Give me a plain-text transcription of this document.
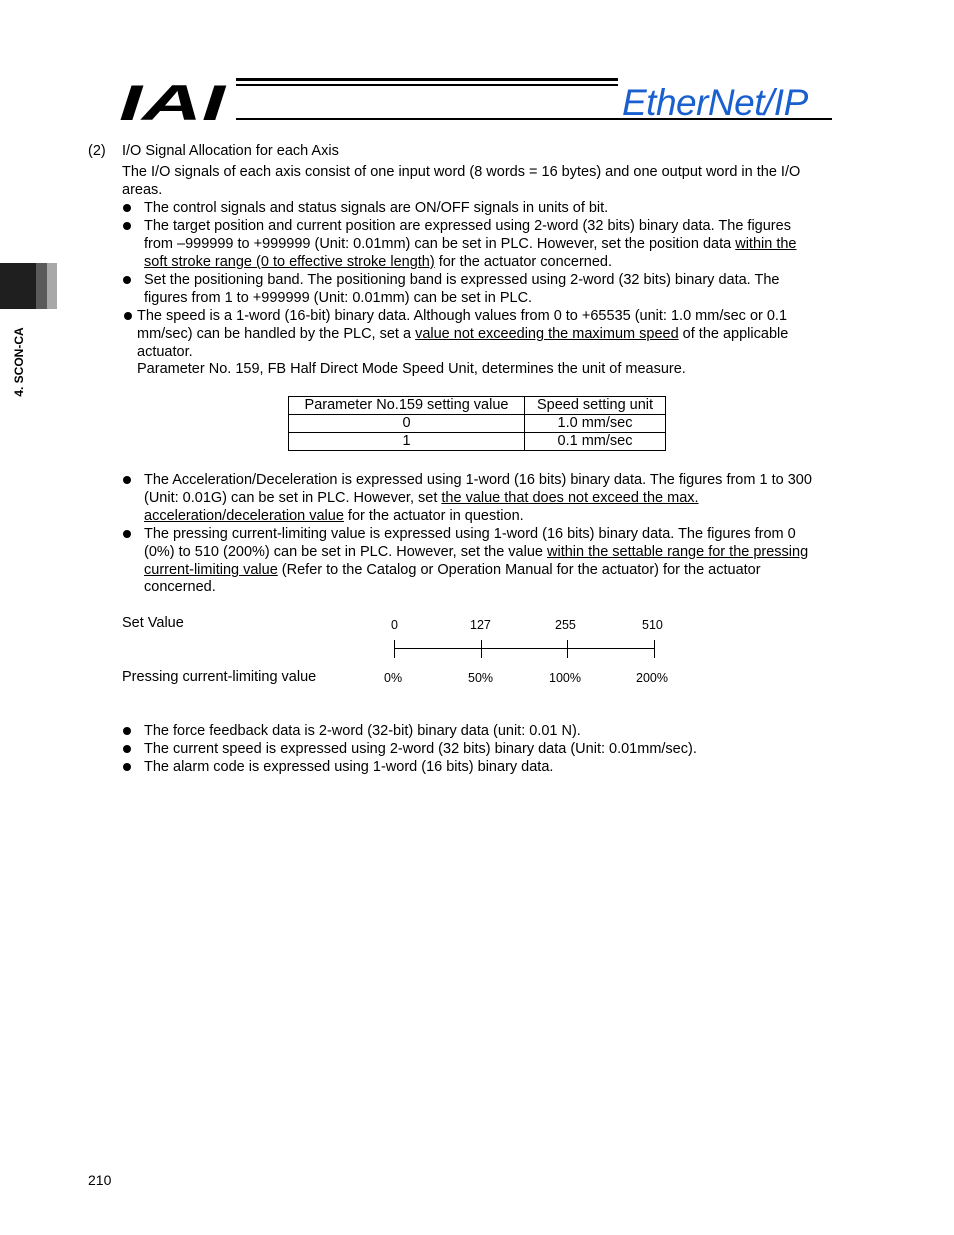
IAI	EtherNet/IP
4. SCON-CA
(2) I/O Signal Allocation for each Axis
The I/O signals of each axis consist of one input word (8 words = 16 bytes) and one output word in the I/O
areas.
The control signals and status signals are ON/OFF signals in units of bit.
The target position and current position are expressed using 2-word (32 bits) binary data. The figures
from –999999 to +999999 (Unit: 0.01mm) can be set in PLC. However, set the position data within the
soft stroke range (0 to effective stroke length) for the actuator concerned.
Set the positioning band. The positioning band is expressed using 2-word (32 bits) binary data. The
figures from 1 to +999999 (Unit: 0.01mm) can be set in PLC.
The speed is a 1-word (16-bit) binary data. Although values from 0 to +65535 (unit: 1.0 mm/sec or 0.1
mm/sec) can be handled by the PLC, set a value not exceeding the maximum speed of the applicable
actuator.
Parameter No. 159, FB Half Direct Mode Speed Unit, determines the unit of measure.
Parameter No.159 setting value	Speed setting unit
0	1.0 mm/sec
1	0.1 mm/sec
The Acceleration/Deceleration is expressed using 1-word (16 bits) binary data. The figures from 1 to 300
(Unit: 0.01G) can be set in PLC. However, set the value that does not exceed the max.
acceleration/deceleration value for the actuator in question.
The pressing current-limiting value is expressed using 1-word (16 bits) binary data. The figures from 0
(0%) to 510 (200%) can be set in PLC. However, set the value within the settable range for the pressing
current-limiting value (Refer to the Catalog or Operation Manual for the actuator) for the actuator
concerned.
Set Value
Pressing current-limiting value
0	127	255	510
0%	50%	100%	200%
The force feedback data is 2-word (32-bit) binary data (unit: 0.01 N).
The current speed is expressed using 2-word (32 bits) binary data (Unit: 0.01mm/sec).
The alarm code is expressed using 1-word (16 bits) binary data.
210
